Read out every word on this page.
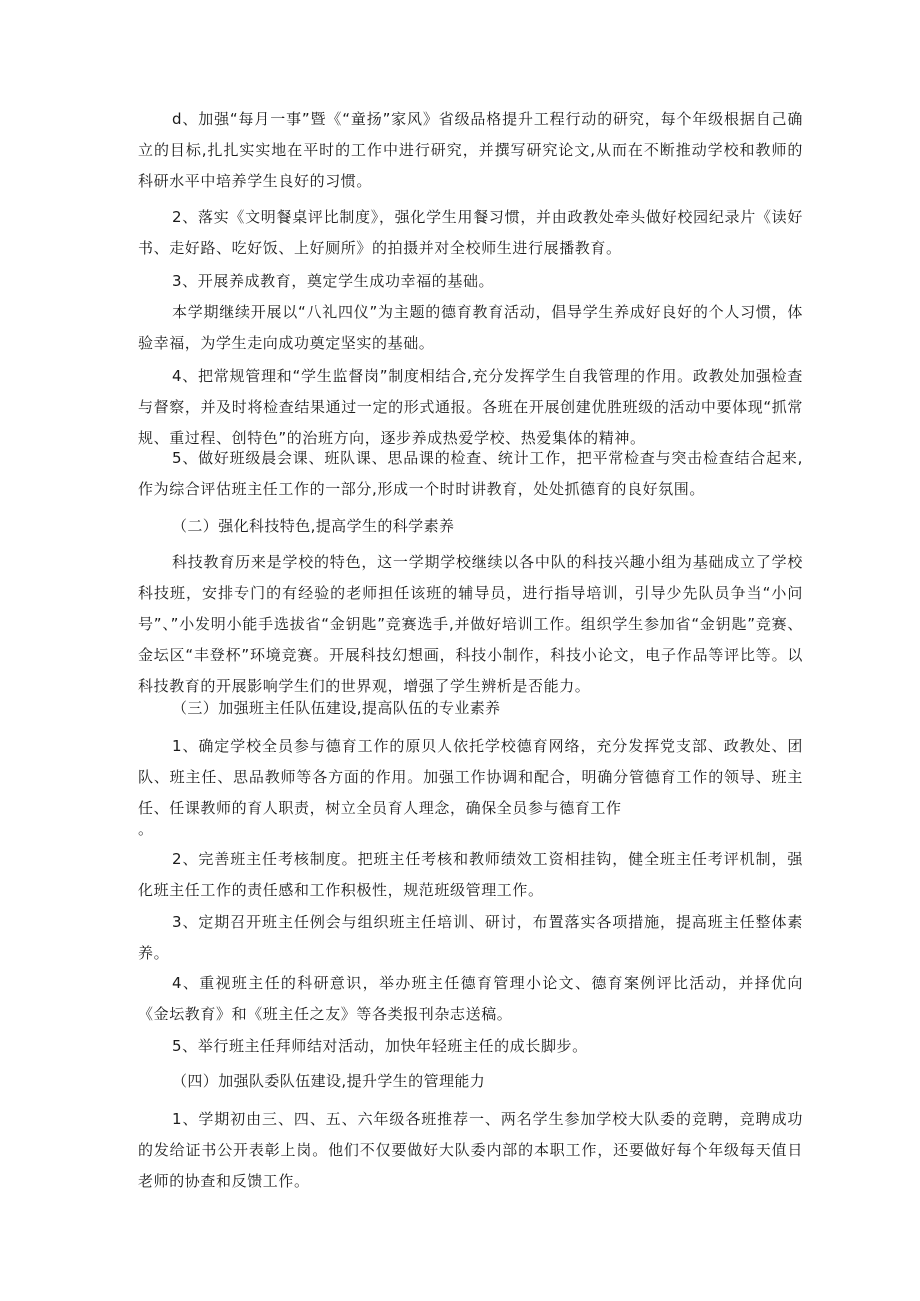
d、加强“每月一事”暨《“童扬”家风》省级品格提升工程行动的研究，每个年级根据自己确立的目标,扎扎实实地在平时的工作中进行研究，并撰写研究论文,从而在不断推动学校和教师的科研水平中培养学生良好的习惯。

2、落实《文明餐桌评比制度》，强化学生用餐习惯，并由政教处牵头做好校园纪录片《读好书、走好路、吃好饭、上好厕所》的拍摄并对全校师生进行展播教育。

3、开展养成教育，奠定学生成功幸福的基础。

本学期继续开展以“八礼四仪”为主题的德育教育活动，倡导学生养成好良好的个人习惯，体验幸福，为学生走向成功奠定坚实的基础。

4、把常规管理和“学生监督岗”制度相结合,充分发挥学生自我管理的作用。政教处加强检查与督察，并及时将检查结果通过一定的形式通报。各班在开展创建优胜班级的活动中要体现“抓常规、重过程、创特色”的治班方向，逐步养成热爱学校、热爱集体的精神。

5、做好班级晨会课、班队课、思品课的检查、统计工作，把平常检查与突击检查结合起来,作为综合评估班主任工作的一部分,形成一个时时讲教育，处处抓德育的良好氛围。

（二）强化科技特色,提高学生的科学素养

科技教育历来是学校的特色，这一学期学校继续以各中队的科技兴趣小组为基础成立了学校科技班，安排专门的有经验的老师担任该班的辅导员，进行指导培训，引导少先队员争当“小问号”、”小发明小能手选拔省“金钥匙”竞赛选手,并做好培训工作。组织学生参加省“金钥匙”竞赛、金坛区“丰登杯”环境竞赛。开展科技幻想画，科技小制作，科技小论文，电子作品等评比等。以科技教育的开展影响学生们的世界观，增强了学生辨析是否能力。

（三）加强班主任队伍建设,提高队伍的专业素养

1、确定学校全员参与德育工作的原贝人依托学校德育网络，充分发挥党支部、政教处、团队、班主任、思品教师等各方面的作用。加强工作协调和配合，明确分管德育工作的领导、班主任、任课教师的育人职责，树立全员育人理念，确保全员参与德育工作

。

2、完善班主任考核制度。把班主任考核和教师绩效工资相挂钩，健全班主任考评机制，强化班主任工作的责任感和工作积极性，规范班级管理工作。

3、定期召开班主任例会与组织班主任培训、研讨，布置落实各项措施，提高班主任整体素养。

4、重视班主任的科研意识，举办班主任德育管理小论文、德育案例评比活动，并择优向《金坛教育》和《班主任之友》等各类报刊杂志送稿。

5、举行班主任拜师结对活动，加快年轻班主任的成长脚步。

（四）加强队委队伍建设,提升学生的管理能力

1、学期初由三、四、五、六年级各班推荐一、两名学生参加学校大队委的竞聘，竞聘成功的发给证书公开表彰上岗。他们不仅要做好大队委内部的本职工作，还要做好每个年级每天值日老师的协查和反馈工作。
